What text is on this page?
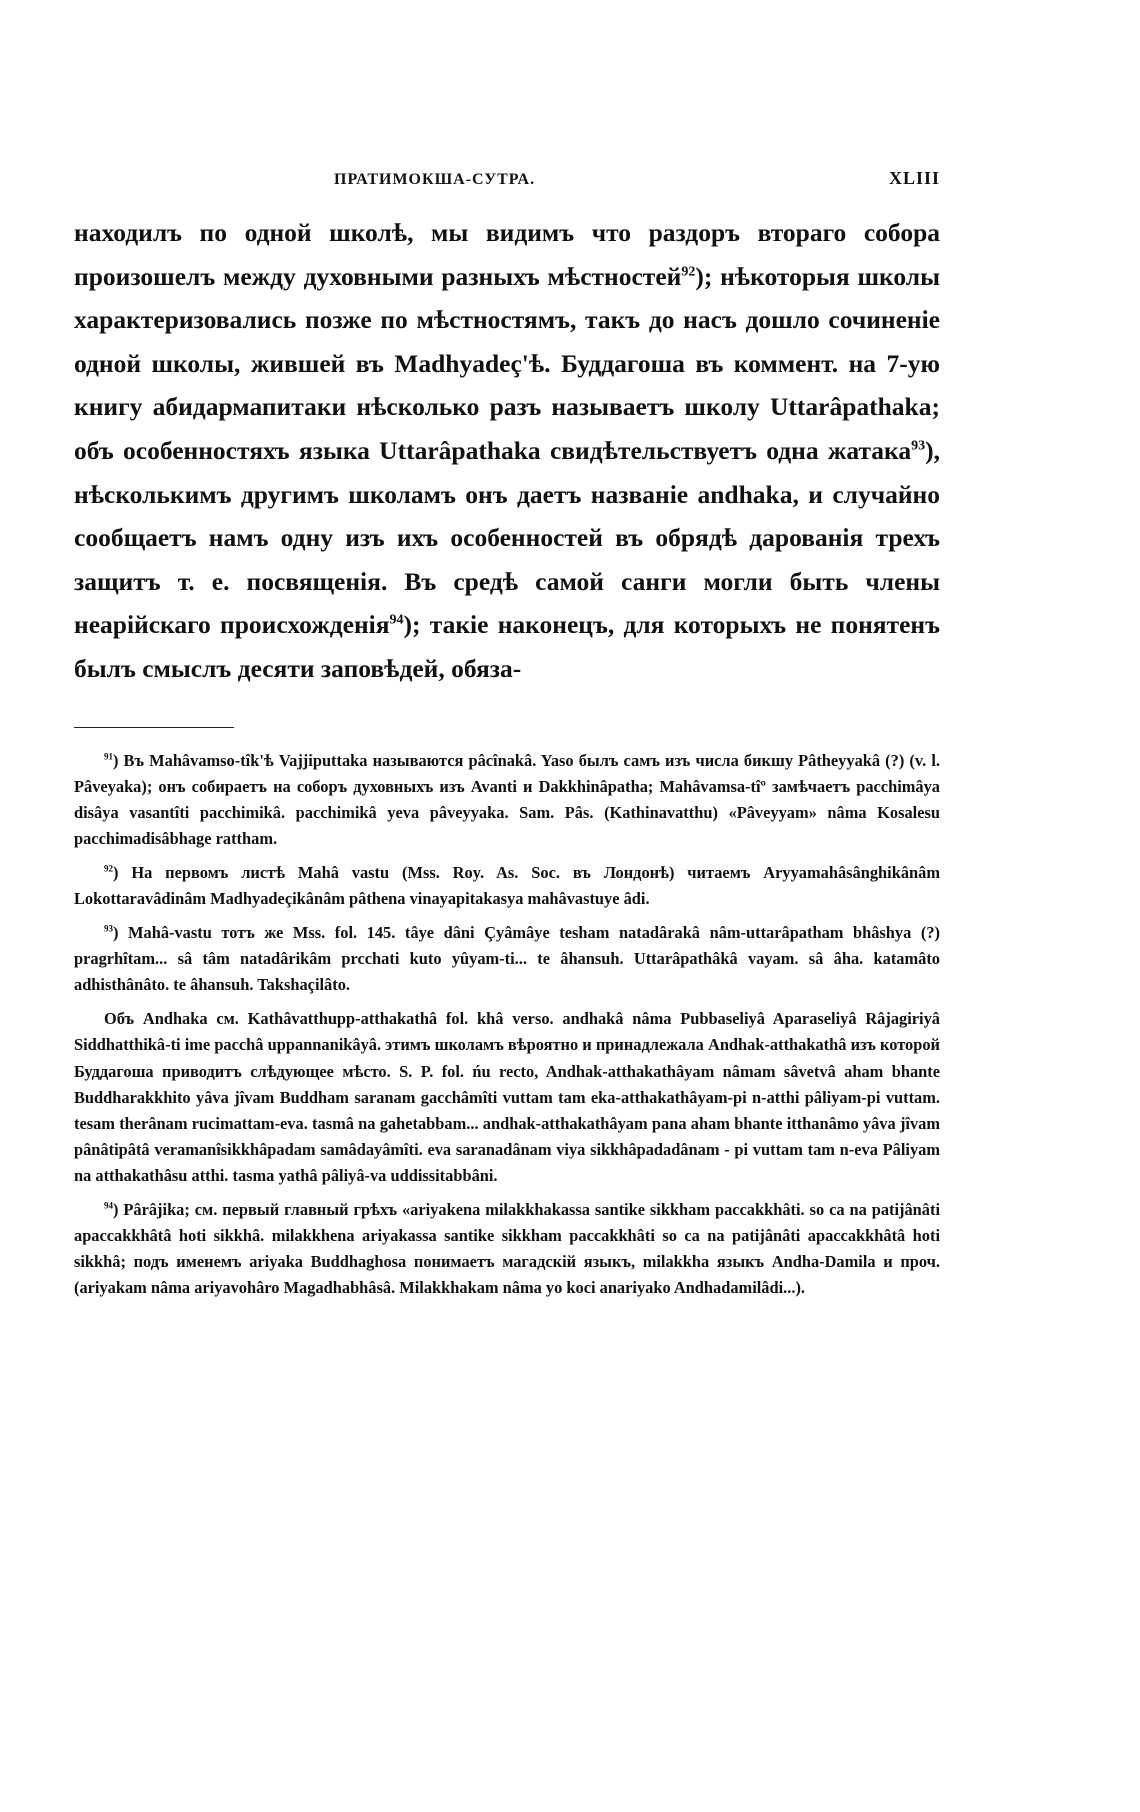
ПРАТИМОКША-СУТРА.	XLIII

находилъ по одной школѣ, мы видимъ что раздоръ втораго собора произошелъ между духовными разныхъ мѣстностей$^{92}$); нѣкоторыя школы характеризовались позже по мѣстностямъ, такъ до насъ дошло сочиненіе одной школы, жившей въ Madhyadeç'ѣ. Буддагоша въ коммент. на 7-ую книгу абидармапитаки нѣсколько разъ называетъ школу Uttarâpathaka; объ особенностяхъ языка Uttarâpathaka свидѣтельствуетъ одна жатака$^{93}$), нѣсколькимъ другимъ школамъ онъ даетъ названіе andhaka, и случайно сообщаетъ намъ одну изъ ихъ особенностей въ обрядѣ дарованія трехъ защитъ т. е. посвященія. Въ средѣ самой санги могли быть члены неарійскаго происхожденія$^{94}$); такіе наконецъ, для которыхъ не понятенъ былъ смыслъ десяти заповѣдей, обяза-

$^{91}$) Въ Mahâvamso-tîk'ѣ Vajjiputtaka называются pâcînakâ. Yaso былъ самъ изъ числа бикшу Pâtheyyakâ (?) (v. l. Pâveyaka); онъ собираетъ на соборъ духовныхъ изъ Avanti и Dakkhinâpatha; Mahâvamsa-tîº замѣчаетъ pacchimâya disâya vasantîti pacchimikâ. pacchimikâ yeva pâveyyaka. Sam. Pâs. (Kathinavatthu) «Pâveyyam» nâma Kosalesu pacchimadisâbhage rattham.

$^{92}$) На первомъ листѣ Mahâ vastu (Mss. Roy. As. Soc. въ Лондонѣ) читаемъ Aryyamahâsânghikânâm Lokottaravâdinâm Madhyadeçikânâm pâthena vinayapitakasya mahâvastuye âdi.

$^{93}$) Mahâ-vastu тотъ же Mss. fol. 145. tâye dâni Çyâmâye tesham natadârakâ nâm-uttarâpatham bhâshya (?) pragrhîtam... sâ tâm natadârikâm prcchati kuto yûyam-ti... te âhansuh. Uttarâpathâkâ vayam. sâ âha. katamâto adhisthânâto. te âhansuh. Takshaçilâto.

Объ Andhaka см. Kathâvatthupp-atthakathâ fol. khâ verso. andhakâ nâma Pubbaseliyâ Aparaseliyâ Râjagiriyâ Siddhatthikâ-ti ime pacchâ uppannanikâyâ. этимъ школамъ вѣроятно и принадлежала Andhak-atthakathâ изъ которой Буддагоша приводитъ слѣдующее мѣсто. S. P. fol. ńu recto, Andhak-atthakathâyam nâmam sâvetvâ aham bhante Buddharakkhito yâva jîvam Buddham saranam gacchâmîti vuttam tam eka-atthakathâyam-pi n-atthi pâliyam-pi vuttam. tesam therânam rucimattam-eva. tasmâ na gahetabbam... andhak-atthakathâyam pana aham bhante itthanâmo yâva jîvam pânâtipâtâ veramanîsikkhâpadam samâdayâmîti. eva saranadânam viya sikkhâpadadânam - pi vuttam tam n-eva Pâliyam na atthakathâsu atthi. tasma yathâ pâliyâ-va uddissitabbâni.

$^{94}$) Pârâjika; см. первый главный грѣхъ «ariyakena milakkhakassa santike sikkham paccakkhâti. so ca na patijânâti apaccakkhâtâ hoti sikkhâ. milakkhena ariyakassa santike sikkham paccakkhâti so ca na patijânâti apaccakkhâtâ hoti sikkhâ; подъ именемъ ariyaka Buddhaghosa понимаетъ магадскій языкъ, milakkha языкъ Andha-Damila и проч. (ariyakam nâma ariyavohâro Magadhabhâsâ. Milakkhakam nâma yo koci anariyako Andhadamilâdi...).
